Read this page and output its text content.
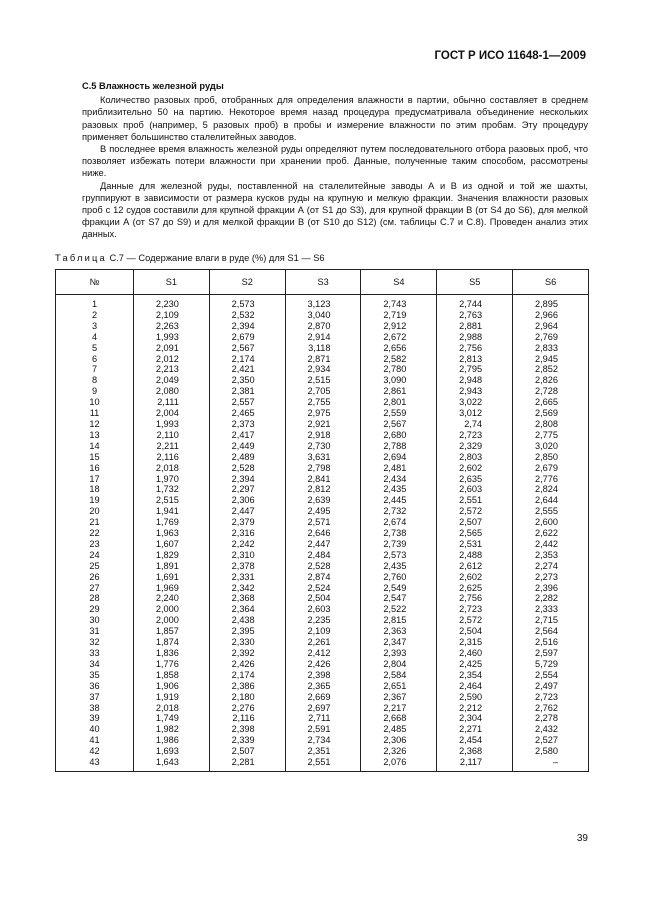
ГОСТ Р ИСО 11648-1—2009

С.5 Влажность железной руды

Количество разовых проб, отобранных для определения влажности в партии, обычно составляет в среднем приблизительно 50 на партию. Некоторое время назад процедура предусматривала объединение нескольких разовых проб (например, 5 разовых проб) в пробы и измерение влажности по этим пробам. Эту процедуру применяет большинство сталелитейных заводов.

В последнее время влажность железной руды определяют путем последовательного отбора разовых проб, что позволяет избежать потери влажности при хранении проб. Данные, полученные таким способом, рассмотрены ниже.

Данные для железной руды, поставленной на сталелитейные заводы А и В из одной и той же шахты, группируют в зависимости от размера кусков руды на крупную и мелкую фракции. Значения влажности разовых проб с 12 судов составили для крупной фракции А (от S1 до S3), для крупной фракции В (от S4 до S6), для мелкой фракции А (от S7 до S9) и для мелкой фракции В (от S10 до S12) (см. таблицы С.7 и С.8). Проведен анализ этих данных.

Таблица С.7 — Содержание влаги в руде (%) для S1 — S6
№	S1	S2	S3	S4	S5	S6
1	2,230	2,573	3,123	2,743	2,744	2,895
2	2,109	2,532	3,040	2,719	2,763	2,966
3	2,263	2,394	2,870	2,912	2,881	2,964
4	1,993	2,679	2,914	2,672	2,988	2,769
5	2,091	2,567	3,118	2,656	2,756	2,833
6	2,012	2,174	2,871	2,582	2,813	2,945
7	2,213	2,421	2,934	2,780	2,795	2,852
8	2,049	2,350	2,515	3,090	2,948	2,826
9	2,080	2,381	2,705	2,861	2,943	2,728
10	2,111	2,557	2,755	2,801	3,022	2,665
11	2,004	2,465	2,975	2,559	3,012	2,569
12	1,993	2,373	2,921	2,567	2,74	2,808
13	2,110	2,417	2,918	2,680	2,723	2,775
14	2,211	2,449	2,730	2,788	2,329	3,020
15	2,116	2,489	3,631	2,694	2,803	2,850
16	2,018	2,528	2,798	2,481	2,602	2,679
17	1,970	2,394	2,841	2,434	2,635	2,776
18	1,732	2,297	2,812	2,435	2,603	2,824
19	2,515	2,306	2,639	2,445	2,551	2,644
20	1,941	2,447	2,495	2,732	2,572	2,555
21	1,769	2,379	2,571	2,674	2,507	2,600
22	1,963	2,316	2,646	2,738	2,565	2,622
23	1,607	2,242	2,447	2,739	2,531	2,442
24	1,829	2,310	2,484	2,573	2,488	2,353
25	1,891	2,378	2,528	2,435	2,612	2,274
26	1,691	2,331	2,874	2,760	2,602	2,273
27	1,969	2,342	2,524	2,549	2,625	2,396
28	2,240	2,368	2,504	2,547	2,756	2,282
29	2,000	2,364	2,603	2,522	2,723	2,333
30	2,000	2,438	2,235	2,815	2,572	2,715
31	1,857	2,395	2,109	2,363	2,504	2,564
32	1,874	2,330	2,261	2,347	2,315	2,516
33	1,836	2,392	2,412	2,393	2,460	2,597
34	1,776	2,426	2,426	2,804	2,425	5,729
35	1,858	2,174	2,398	2,584	2,354	2,554
36	1,906	2,386	2,365	2,651	2,464	2,497
37	1,919	2,180	2,669	2,367	2,590	2,723
38	2,018	2,276	2,697	2,217	2,212	2,762
39	1,749	2,116	2,711	2,668	2,304	2,278
40	1,982	2,398	2,591	2,485	2,271	2,432
41	1,986	2,339	2,734	2,306	2,454	2,527
42	1,693	2,507	2,351	2,326	2,368	2,580
43	1,643	2,281	2,551	2,076	2,117	–
39
